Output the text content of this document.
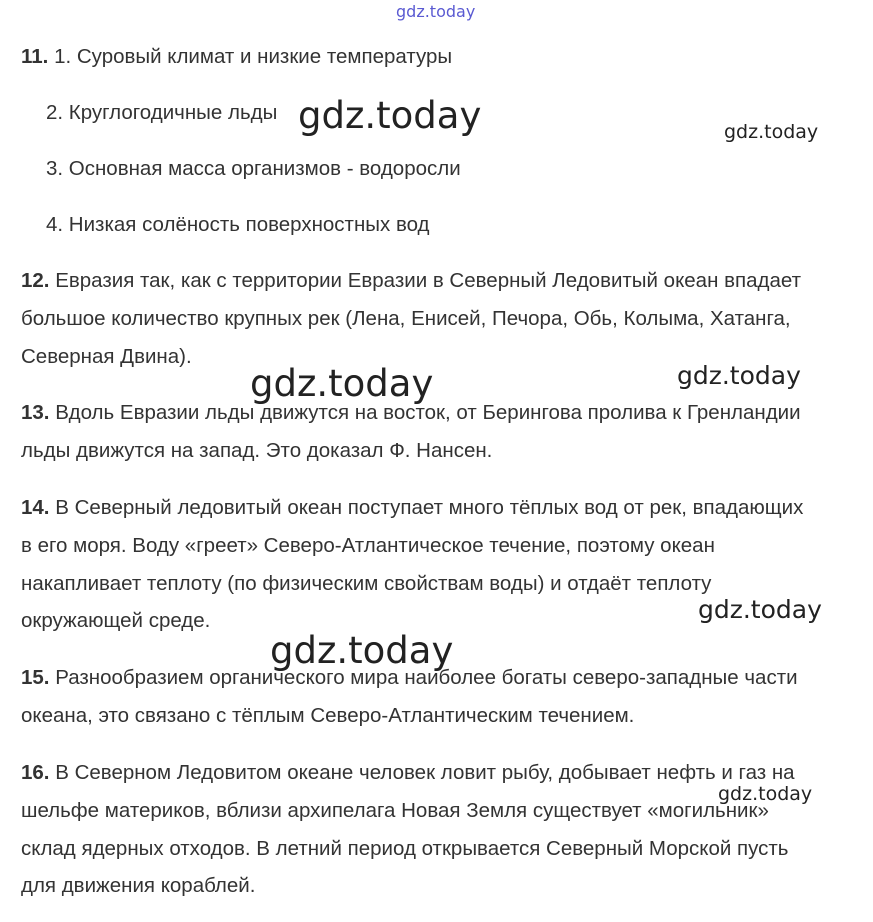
gdz.today
gdz.today	gdz.today
gdz.today	gdz.today
gdz.today
gdz.today
gdz.today
11. 1. Суровый климат и низкие температуры
2. Круглогодичные льды
3. Основная масса организмов - водоросли
4. Низкая солёность поверхностных вод
12. Евразия так, как с территории Евразии в Северный Ледовитый океан впадает
большое количество крупных рек (Лена, Енисей, Печора, Обь, Колыма, Хатанга,
Северная Двина).
13. Вдоль Евразии льды движутся на восток, от Берингова пролива к Гренландии
льды движутся на запад. Это доказал Ф. Нансен.
14. В Северный ледовитый океан поступает много тёплых вод от рек, впадающих
в его моря. Воду «греет» Северо-Атлантическое течение, поэтому океан
накапливает теплоту (по физическим свойствам воды) и отдаёт теплоту
окружающей среде.
15. Разнообразием органического мира наиболее богаты северо-западные части
океана, это связано с тёплым Северо-Атлантическим течением.
16. В Северном Ледовитом океане человек ловит рыбу, добывает нефть и газ на
шельфе материков, вблизи архипелага Новая Земля существует «могильник»
склад ядерных отходов. В летний период открывается Северный Морской пусть
для движения кораблей.
